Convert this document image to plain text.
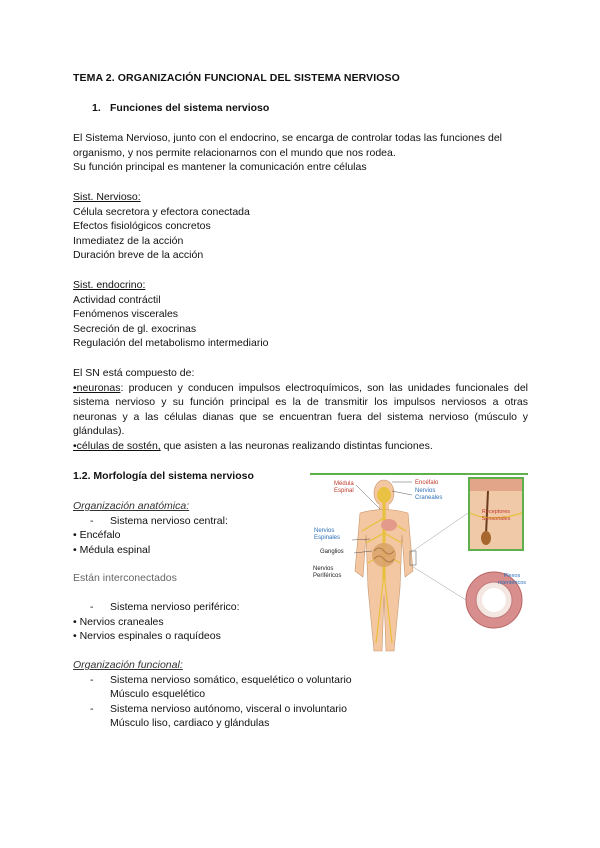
TEMA 2. ORGANIZACIÓN FUNCIONAL DEL SISTEMA NERVIOSO
1. Funciones del sistema nervioso
El Sistema Nervioso, junto con el endocrino, se encarga de controlar todas las funciones del
organismo, y nos permite relacionarnos con el mundo que nos rodea.
Su función principal es mantener la comunicación entre células
Sist. Nervioso:
Célula secretora y efectora conectada
Efectos fisiológicos concretos
Inmediatez de la acción
Duración breve de la acción
Sist. endocrino:
Actividad contráctil
Fenómenos viscerales
Secreción de gl. exocrinas
Regulación del metabolismo intermediario
El SN está compuesto de:
•neuronas: producen y conducen impulsos electroquímicos, son las unidades funcionales del sistema nervioso y su función principal es la de transmitir los impulsos nerviosos a otras neuronas y a las células dianas que se encuentran fuera del sistema nervioso (músculo y glándulas).
•células de sostén, que asisten a las neuronas realizando distintas funciones.
1.2. Morfología del sistema nervioso
Organización anatómica:
- Sistema nervioso central:
• Encéfalo
• Médula espinal
Están interconectados
- Sistema nervioso periférico:
• Nervios craneales
• Nervios espinales o raquídeos
Organización funcional:
- Sistema nervioso somático, esquelético o voluntario
Músculo esquelético
- Sistema nervioso autónomo, visceral o involuntario
Músculo liso, cardiaco y glándulas
Encéfalo
Nervios
Craneales
Médula
Espinal
Nervios
Espinales
Ganglios
Nervios
Periféricos
Receptores
Sensoriales
Plexos
mientéricos
